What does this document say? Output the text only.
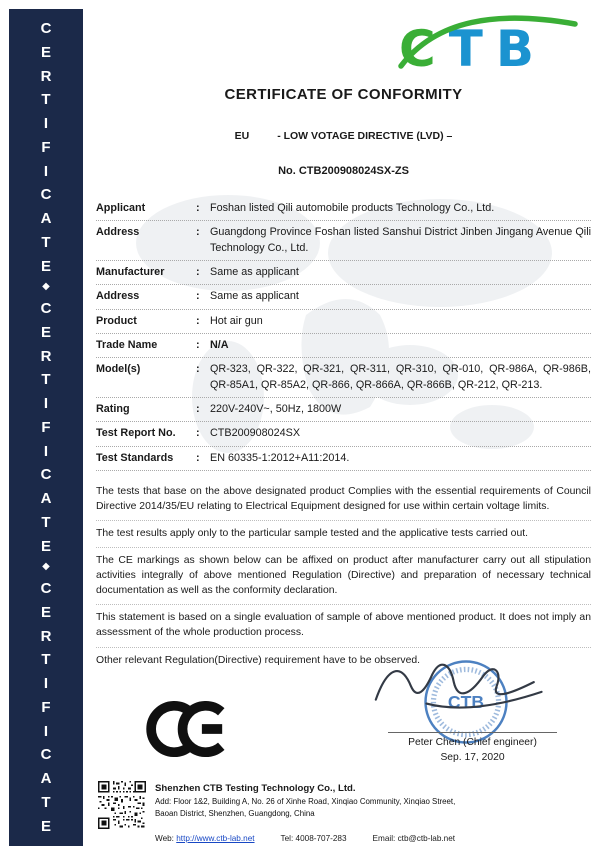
C
E
R
T
I
F
I
C
A
T
E
◆
C
E
R
T
I
F
I
C
A
T
E
◆
C
E
R
T
I
F
I
C
A
T
E
CTB
CERTIFICATE OF CONFORMITY
EU	- LOW VOTAGE DIRECTIVE (LVD) –
No. CTB200908024SX-ZS
Applicant	: Foshan listed Qili automobile products Technology Co., Ltd.
Address	: Guangdong Province Foshan listed Sanshui District Jinben Jingang Avenue Qili Technology Co., Ltd.
Manufacturer	: Same as applicant
Address	: Same as applicant
Product	: Hot air gun
Trade Name	: N/A
Model(s)	: QR-323, QR-322, QR-321, QR-311, QR-310, QR-010, QR-986A, QR-986B, QR-85A1, QR-85A2, QR-866, QR-866A, QR-866B, QR-212, QR-213.
Rating	: 220V-240V~, 50Hz, 1800W
Test Report No.	: CTB200908024SX
Test Standards	: EN 60335-1:2012+A11:2014.

The tests that base on the above designated product Complies with the essential requirements of Council Directive 2014/35/EU relating to Electrical Equipment designed for use within certain voltage limits.

The test results apply only to the particular sample tested and the applicative tests carried out.

The CE markings as shown below can be affixed on product after manufacturer carry out all stipulation activities integrally of above mentioned Regulation (Directive) and preparation of necessary technical documentation as well as the conformity declaration.

This statement is based on a single evaluation of sample of above mentioned product. It does not imply an assessment of the whole production process.

Other relevant Regulation(Directive) requirement have to be observed.

CTB
Peter Chen (Chief engineer)
Sep. 17, 2020
Shenzhen CTB Testing Technology Co., Ltd.
Add: Floor 1&2, Building A, No. 26 of Xinhe Road, Xinqiao Community, Xinqiao Street,
Baoan District, Shenzhen, Guangdong, China
Web: http://www.ctb-lab.net	Tel: 4008-707-283	Email: ctb@ctb-lab.net
